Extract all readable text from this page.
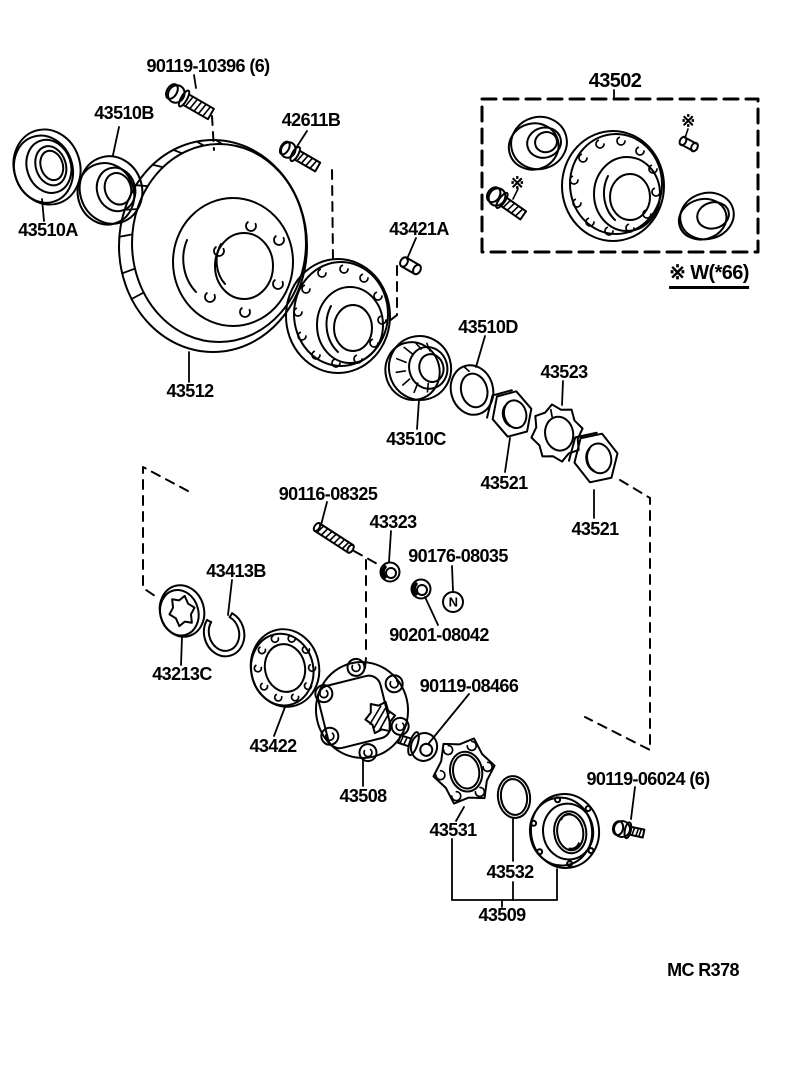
90119-10396 (6)
43510B	42611B
43502
43510A	43421A
※ W(*66)
43512
43510D
43510C
43523
43521
43521
90116-08325
43323
90176-08035
43413B
90201-08042
43213C
43422
90119-08466
43508
43531
90119-06024 (6)
43532
43509
MC R378
※
※
N
